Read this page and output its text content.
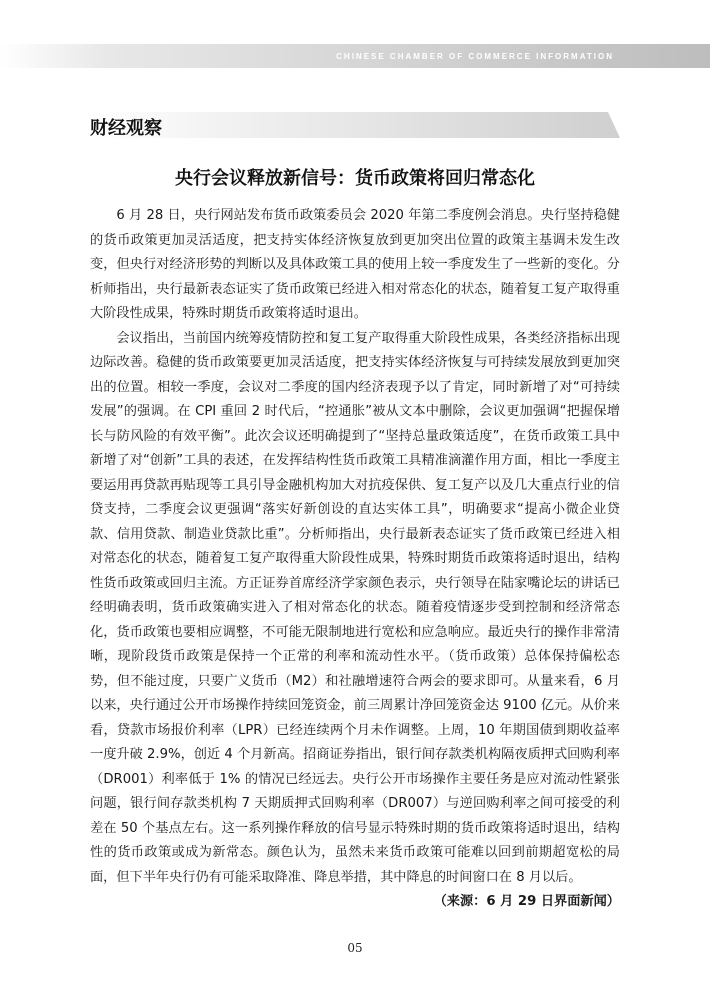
CHINESE CHAMBER OF COMMERCE INFORMATION
财经观察
央行会议释放新信号：货币政策将回归常态化

6 月 28 日，央行网站发布货币政策委员会 2020 年第二季度例会消息。央行坚持稳健的货币政策更加灵活适度，把支持实体经济恢复放到更加突出位置的政策主基调未发生改变，但央行对经济形势的判断以及具体政策工具的使用上较一季度发生了一些新的变化。分析师指出，央行最新表态证实了货币政策已经进入相对常态化的状态，随着复工复产取得重大阶段性成果，特殊时期货币政策将适时退出。

会议指出，当前国内统筹疫情防控和复工复产取得重大阶段性成果，各类经济指标出现边际改善。稳健的货币政策要更加灵活适度，把支持实体经济恢复与可持续发展放到更加突出的位置。相较一季度，会议对二季度的国内经济表现予以了肯定，同时新增了对“可持续发展”的强调。在 CPI 重回 2 时代后，“控通胀”被从文本中删除，会议更加强调“把握保增长与防风险的有效平衡”。此次会议还明确提到了“坚持总量政策适度”，在货币政策工具中新增了对“创新”工具的表述，在发挥结构性货币政策工具精准滴灌作用方面，相比一季度主要运用再贷款再贴现等工具引导金融机构加大对抗疫保供、复工复产以及几大重点行业的信贷支持，二季度会议更强调“落实好新创设的直达实体工具”，明确要求“提高小微企业贷款、信用贷款、制造业贷款比重”。分析师指出，央行最新表态证实了货币政策已经进入相对常态化的状态，随着复工复产取得重大阶段性成果，特殊时期货币政策将适时退出，结构性货币政策或回归主流。方正证券首席经济学家颜色表示，央行领导在陆家嘴论坛的讲话已经明确表明，货币政策确实进入了相对常态化的状态。随着疫情逐步受到控制和经济常态化，货币政策也要相应调整，不可能无限制地进行宽松和应急响应。最近央行的操作非常清晰，现阶段货币政策是保持一个正常的利率和流动性水平。（货币政策）总体保持偏松态势，但不能过度，只要广义货币（M2）和社融增速符合两会的要求即可。从量来看，6 月以来，央行通过公开市场操作持续回笼资金，前三周累计净回笼资金达 9100 亿元。从价来看，贷款市场报价利率（LPR）已经连续两个月未作调整。上周，10 年期国债到期收益率一度升破 2.9%，创近 4 个月新高。招商证券指出，银行间存款类机构隔夜质押式回购利率（DR001）利率低于 1% 的情况已经远去。央行公开市场操作主要任务是应对流动性紧张问题，银行间存款类机构 7 天期质押式回购利率（DR007）与逆回购利率之间可接受的利差在 50 个基点左右。这一系列操作释放的信号显示特殊时期的货币政策将适时退出，结构性的货币政策或成为新常态。颜色认为，虽然未来货币政策可能难以回到前期超宽松的局面，但下半年央行仍有可能采取降准、降息举措，其中降息的时间窗口在 8 月以后。
（来源：6 月 29 日界面新闻）

05
